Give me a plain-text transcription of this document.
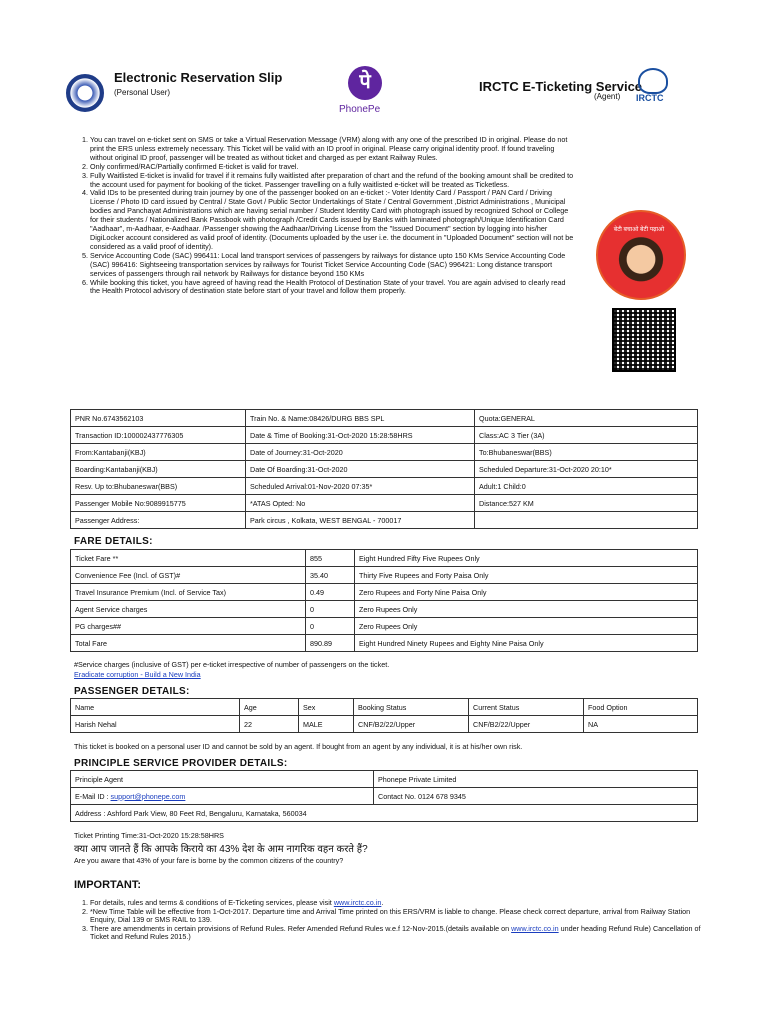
Electronic Reservation Slip
(Personal User)	पे
PhonePe
IRCTC E-Ticketing Service
(Agent) IRCTC
1. You can travel on e-ticket sent on SMS or take a Virtual Reservation Message (VRM) along with any one of the prescribed ID in original. Please do not print the ERS unless extremely necessary. This Ticket will be valid with an ID proof in original. Please carry original identity proof. If found traveling without original ID proof, passenger will be treated as without ticket and charged as per extant Railway Rules.
2. Only confirmed/RAC/Partially confirmed E-ticket is valid for travel.
3. Fully Waitlisted E-ticket is invalid for travel if it remains fully waitlisted after preparation of chart and the refund of the booking amount shall be credited to the account used for payment for booking of the ticket. Passenger travelling on a fully waitlisted e-ticket will be treated as Ticketless.
4. Valid IDs to be presented during train journey by one of the passenger booked on an e-ticket :- Voter Identity Card / Passport / PAN Card / Driving License / Photo ID card issued by Central / State Govt / Public Sector Undertakings of State / Central Government ,District Administrations , Municipal bodies and Panchayat Administrations which are having serial number / Student Identity Card with photograph issued by recognized School or College for their students / Nationalized Bank Passbook with photograph /Credit Cards issued by Banks with laminated photograph/Unique Identification Card "Aadhaar", m-Aadhaar, e-Aadhaar. /Passenger showing the Aadhaar/Driving License from the "Issued Document" section by logging into his/her DigiLocker account considered as valid proof of identity. (Documents uploaded by the user i.e. the document in "Uploaded Document" section will not be considered as a valid proof of identity).
5. Service Accounting Code (SAC) 996411: Local land transport services of passengers by railways for distance upto 150 KMs Service Accounting Code (SAC) 996416: Sightseeing transportation services by railways for Tourist Ticket Service Accounting Code (SAC) 996421: Long distance transport services of passengers through rail network by Railways for distance beyond 150 KMs
6. While booking this ticket, you have agreed of having read the Health Protocol of Destination State of your travel. You are again advised to clearly read the Health Protocol advisory of destination state before start of your travel and follow them properly.
बेटी बचाओ बेटी पढ़ाओ
PNR No.6743562103	Train No. & Name:08426/DURG BBS SPL	Quota:GENERAL
Transaction ID:100002437776305	Date & Time of Booking:31-Oct-2020 15:28:58HRS	Class:AC 3 Tier (3A)
From:Kantabanji(KBJ)	Date of Journey:31-Oct-2020	To:Bhubaneswar(BBS)
Boarding:Kantabanji(KBJ)	Date Of Boarding:31-Oct-2020	Scheduled Departure:31-Oct-2020 20:10*
Resv. Up to:Bhubaneswar(BBS)	Scheduled Arrival:01-Nov-2020 07:35*	Adult:1 Child:0
Passenger Mobile No:9089915775	*ATAS Opted: No	Distance:527 KM
Passenger Address:	Park circus , Kolkata, WEST BENGAL - 700017	
FARE DETAILS:
Ticket Fare **	855	Eight Hundred Fifty Five Rupees Only
Convenience Fee (Incl. of GST)#	35.40	Thirty Five Rupees and Forty Paisa Only
Travel Insurance Premium (Incl. of Service Tax)	0.49	Zero Rupees and Forty Nine Paisa Only
Agent Service charges	0	Zero Rupees Only
PG charges##	0	Zero Rupees Only
Total Fare	890.89	Eight Hundred Ninety Rupees and Eighty Nine Paisa Only
#Service charges (inclusive of GST) per e-ticket irrespective of number of passengers on the ticket.
Eradicate corruption - Build a New India
PASSENGER DETAILS:
Name	Age	Sex	Booking Status	Current Status	Food Option
Harish Nehal	22	MALE	CNF/B2/22/Upper	CNF/B2/22/Upper	NA
This ticket is booked on a personal user ID and cannot be sold by an agent. If bought from an agent by any individual, it is at his/her own risk.
PRINCIPLE SERVICE PROVIDER DETAILS:
Principle Agent	Phonepe Private Limited
E-Mail ID : support@phonepe.com	Contact No. 0124 678 9345
Address : Ashford Park View, 80 Feet Rd, Bengaluru, Karnataka, 560034	
Ticket Printing Time:31-Oct-2020 15:28:58HRS
क्या आप जानते हैं कि आपके किराये का 43% देश के आम नागरिक वहन करते हैं?
Are you aware that 43% of your fare is borne by the common citizens of the country?
IMPORTANT:
1. For details, rules and terms & conditions of E-Ticketing services, please visit www.irctc.co.in.
2. *New Time Table will be effective from 1-Oct-2017. Departure time and Arrival Time printed on this ERS/VRM is liable to change. Please check correct departure, arrival from Railway Station Enquiry, Dial 139 or SMS RAIL to 139.
3. There are amendments in certain provisions of Refund Rules. Refer Amended Refund Rules w.e.f 12-Nov-2015.(details available on www.irctc.co.in under heading Refund Rule) Cancellation of Ticket and Refund Rules 2015.)
